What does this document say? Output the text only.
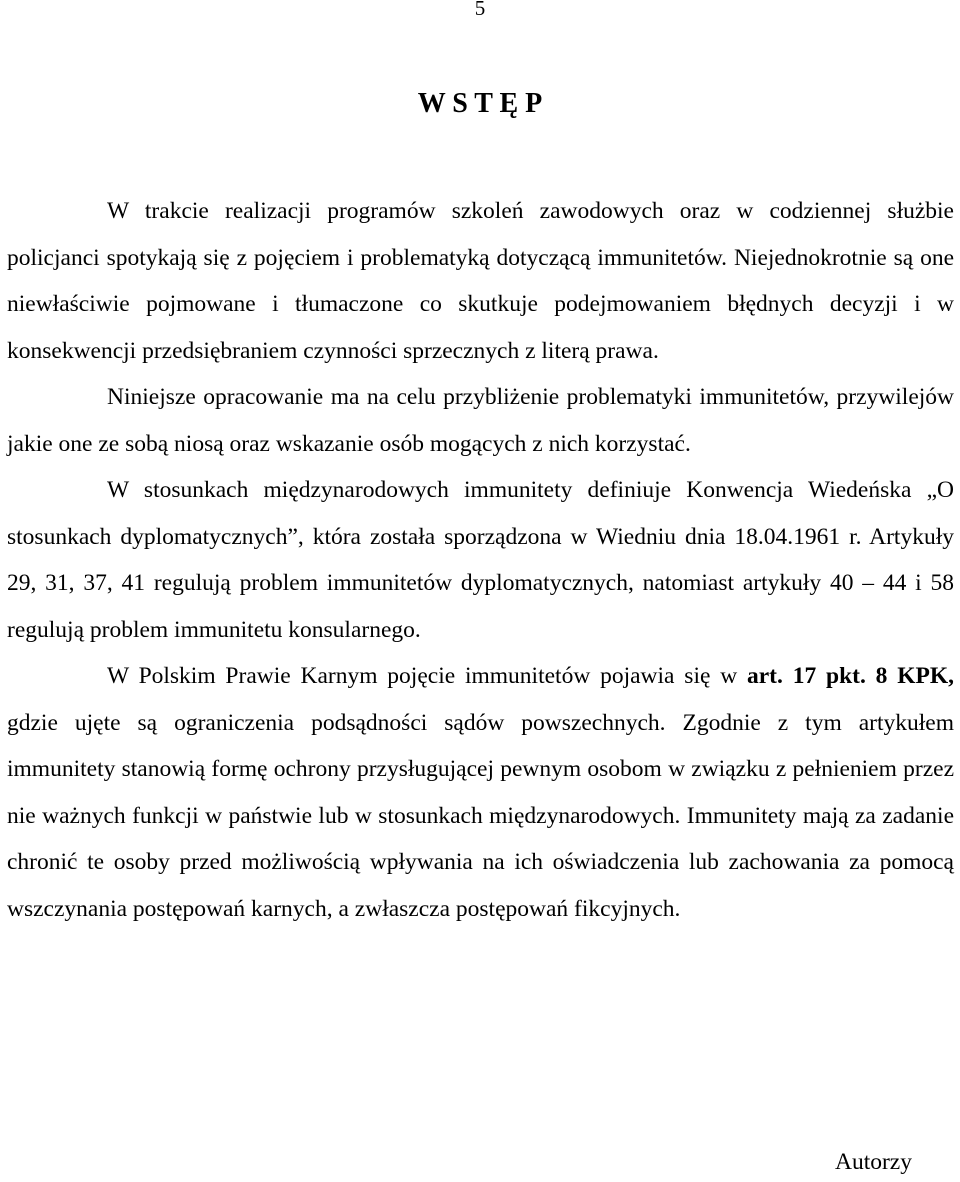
5
W S T Ę P

W trakcie realizacji programów szkoleń zawodowych oraz w codziennej służbie policjanci spotykają się z pojęciem i problematyką dotyczącą immunitetów. Niejednokrotnie są one niewłaściwie pojmowane i tłumaczone co skutkuje podejmowaniem błędnych decyzji i w konsekwencji przedsiębraniem czynności sprzecznych z literą prawa.

Niniejsze opracowanie ma na celu przybliżenie problematyki immunitetów, przywilejów jakie one ze sobą niosą oraz wskazanie osób mogących z nich korzystać.

W stosunkach międzynarodowych immunitety definiuje Konwencja Wiedeńska „O stosunkach dyplomatycznych”, która została sporządzona w Wiedniu dnia 18.04.1961 r. Artykuły 29, 31, 37, 41 regulują problem immunitetów dyplomatycznych, natomiast artykuły 40 – 44 i 58 regulują problem immunitetu konsularnego.

W Polskim Prawie Karnym pojęcie immunitetów pojawia się w art. 17 pkt. 8 KPK, gdzie ujęte są ograniczenia podsądności sądów powszechnych. Zgodnie z tym artykułem immunitety stanowią formę ochrony przysługującej pewnym osobom w związku z pełnieniem przez nie ważnych funkcji w państwie lub w stosunkach międzynarodowych. Immunitety mają za zadanie chronić te osoby przed możliwością wpływania na ich oświadczenia lub zachowania za pomocą wszczynania postępowań karnych, a zwłaszcza postępowań fikcyjnych.

Autorzy
